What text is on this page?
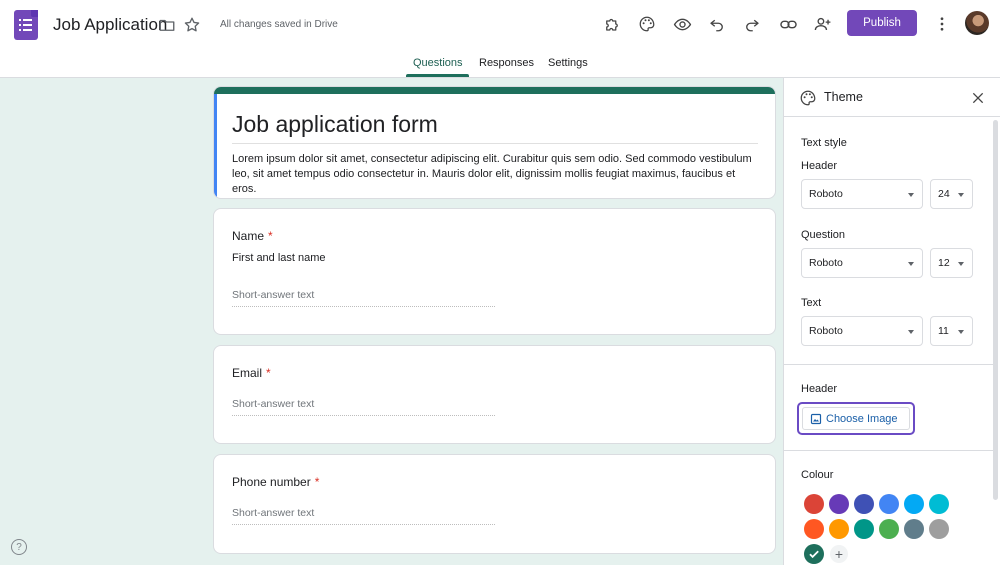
Job Application	All changes saved in Drive	Publish
Questions Responses Settings
Job application form
Lorem ipsum dolor sit amet, consectetur adipiscing elit. Curabitur quis sem odio. Sed commodo vestibulum leo, sit amet tempus odio consectetur in. Mauris dolor elit, dignissim mollis feugiat maximus, faucibus et eros.
Name *
First and last name
Short-answer text
Email *
Short-answer text
Phone number *
Short-answer text
?
Theme
Text style
Header
Roboto	24
Question
Roboto	12
Text
Roboto	11
Header
Choose Image
Colour
+
